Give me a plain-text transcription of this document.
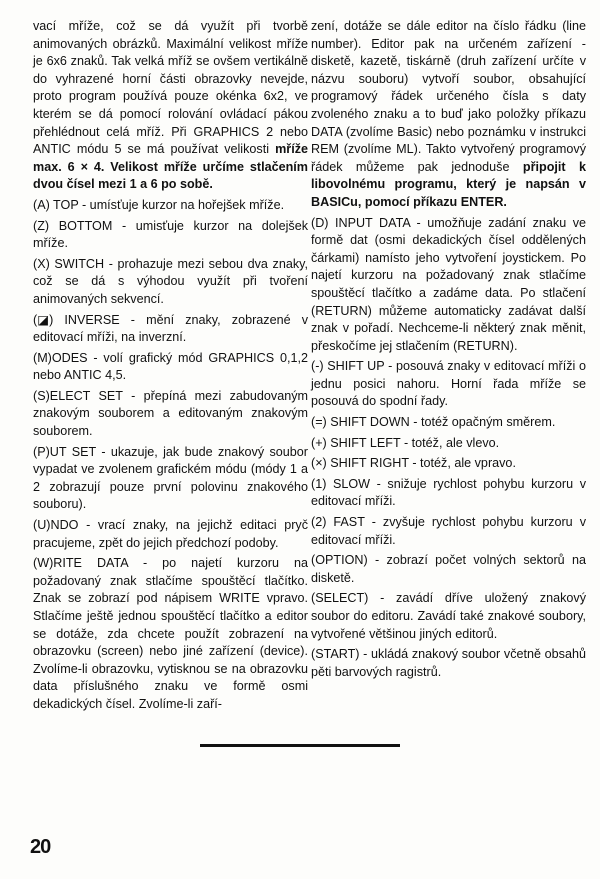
vací mříže, což se dá využít při tvorbě animovaných obrázků. Maximální velikost mříže je 6x6 znaků. Tak velká mříž se ovšem vertikálně do vyhrazené horní části obrazovky nevejde, proto program používá pouze okénka 6x2, ve kterém se dá pomocí rolování ovládací pákou přehlédnout celá mříž. Při GRAPHICS 2 nebo ANTIC módu 5 se má používat velikosti mříže max. 6 × 4. Velikost mříže určíme stlačením dvou čísel mezi 1 a 6 po sobě.

(A) TOP - umísťuje kurzor na hořejšek mříže.

(Z) BOTTOM - umisťuje kurzor na dolejšek mříže.

(X) SWITCH - prohazuje mezi sebou dva znaky, což se dá s výhodou využít při tvoření animovaných sekvencí.

(◪) INVERSE - mění znaky, zobrazené v editovací mříži, na inverzní.

(M)ODES - volí grafický mód GRAPHICS 0,1,2 nebo ANTIC 4,5.

(S)ELECT SET - přepíná mezi zabudovaným znakovým souborem a editovaným znakovým souborem.

(P)UT SET - ukazuje, jak bude znakový soubor vypadat ve zvolenem grafickém módu (módy 1 a 2 zobrazují pouze první polovinu znakového souboru).

(U)NDO - vrací znaky, na jejichž editaci pryč pracujeme, zpět do jejich předchozí podoby.

(W)RITE DATA - po najetí kurzoru na požadovaný znak stlačíme spouštěcí tlačítko. Znak se zobrazí pod nápisem WRITE vpravo. Stlačíme ještě jednou spouštěcí tlačítko a editor se dotáže, zda chcete použít zobrazení na obrazovku (screen) nebo jiné zařízení (device). Zvolíme-li obrazovku, vytisknou se na obrazovku data příslušného znaku ve formě osmi dekadických čísel. Zvolíme-li zaří-

zení, dotáže se dále editor na číslo řádku (line number). Editor pak na určeném zařízení - disketě, kazetě, tiskárně (druh zařízení určíte v názvu souboru) vytvoří soubor, obsahující programový řádek určeného čísla s daty zvoleného znaku a to buď jako položky příkazu DATA (zvolíme Basic) nebo poznámku v instrukci REM (zvolíme ML). Takto vytvořený programový řádek můžeme pak jednoduše připojit k libovolnému programu, který je napsán v BASICu, pomocí příkazu ENTER.

(D) INPUT DATA - umožňuje zadání znaku ve formě dat (osmi dekadických čísel oddělených čárkami) namísto jeho vytvoření joystickem. Po najetí kurzoru na požadovaný znak stlačíme spouštěcí tlačítko a zadáme data. Po stlačení (RETURN) můžeme automaticky zadávat další znak v pořadí. Nechceme-li některý znak měnit, přeskočíme jej stlačením (RETURN).

(-) SHIFT UP - posouvá znaky v editovací mříži o jednu posici nahoru. Horní řada mříže se posouvá do spodní řady.

(=) SHIFT DOWN - totéž opačným směrem.

(+) SHIFT LEFT - totéž, ale vlevo.

(×) SHIFT RIGHT - totéž, ale vpravo.

(1) SLOW - snižuje rychlost pohybu kurzoru v editovací mříži.

(2) FAST - zvyšuje rychlost pohybu kurzoru v editovací mříži.

(OPTION) - zobrazí počet volných sektorů na disketě.

(SELECT) - zavádí dříve uložený znakový soubor do editoru. Zavádí také znakové soubory, vytvořené většinou jiných editorů.

(START) - ukládá znakový soubor včetně obsahů pěti barvových ragistrů.

20
